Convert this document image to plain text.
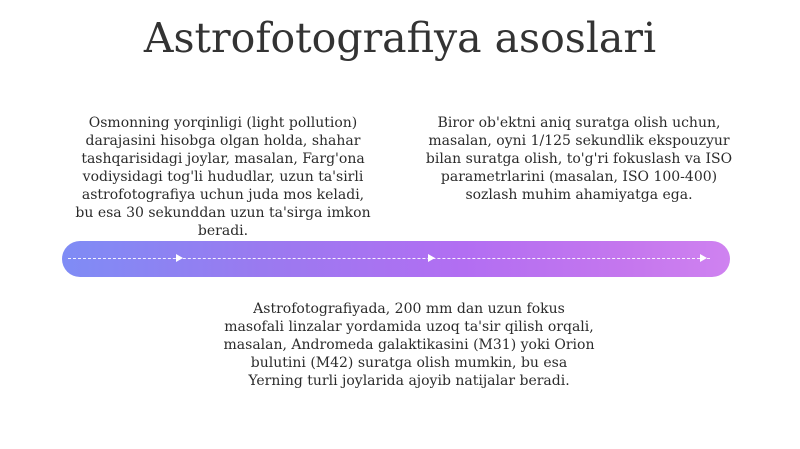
Astrofotografiya asoslari
Osmonning yorqinligi (light pollution) darajasini hisobga olgan holda, shahar tashqarisidagi joylar, masalan, Farg'ona vodiysidagi tog'li hududlar, uzun ta'sirli astrofotografiya uchun juda mos keladi, bu esa 30 sekunddan uzun ta'sirga imkon beradi.
Biror ob'ektni aniq suratga olish uchun, masalan, oyni 1/125 sekundlik ekspouzyur bilan suratga olish, to'g'ri fokuslash va ISO parametrlarini (masalan, ISO 100-400) sozlash muhim ahamiyatga ega.
Astrofotografiyada, 200 mm dan uzun fokus masofali linzalar yordamida uzoq ta'sir qilish orqali, masalan, Andromeda galaktikasini (M31) yoki Orion bulutini (M42) suratga olish mumkin, bu esa Yerning turli joylarida ajoyib natijalar beradi.
